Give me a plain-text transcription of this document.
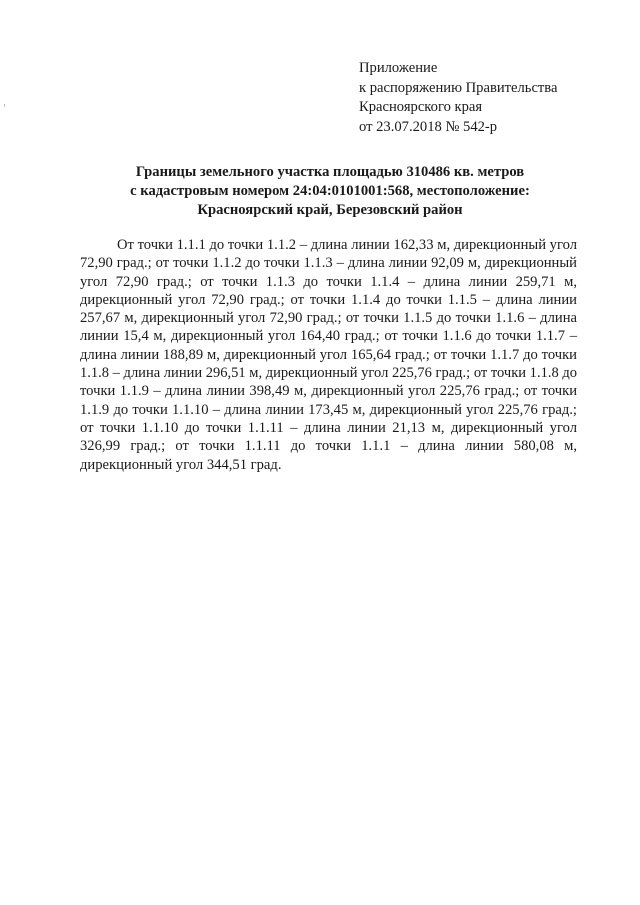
Приложение
к распоряжению Правительства
Красноярского края
от 23.07.2018 № 542-р
Границы земельного участка площадью 310486 кв. метров
с кадастровым номером 24:04:0101001:568, местоположение:
Красноярский край, Березовский район
От точки 1.1.1 до точки 1.1.2 – длина линии 162,33 м, дирекционный угол
72,90 град.; от точки 1.1.2 до точки 1.1.3 – длина линии 92,09 м, дирекционный
угол 72,90 град.; от точки 1.1.3 до точки 1.1.4 – длина линии 259,71 м,
дирекционный угол 72,90 град.; от точки 1.1.4 до точки 1.1.5 – длина линии
257,67 м, дирекционный угол 72,90 град.; от точки 1.1.5 до точки 1.1.6 – длина
линии 15,4 м, дирекционный угол 164,40 град.; от точки 1.1.6 до точки 1.1.7 –
длина линии 188,89 м, дирекционный угол 165,64 град.; от точки 1.1.7 до точки
1.1.8 – длина линии 296,51 м, дирекционный угол 225,76 град.; от точки 1.1.8 до
точки 1.1.9 – длина линии 398,49 м, дирекционный угол 225,76 град.; от точки
1.1.9 до точки 1.1.10 – длина линии 173,45 м, дирекционный угол 225,76 град.;
от точки 1.1.10 до точки 1.1.11 – длина линии 21,13 м, дирекционный угол
326,99 град.; от точки 1.1.11 до точки 1.1.1 – длина линии 580,08 м,
дирекционный угол 344,51 град.
